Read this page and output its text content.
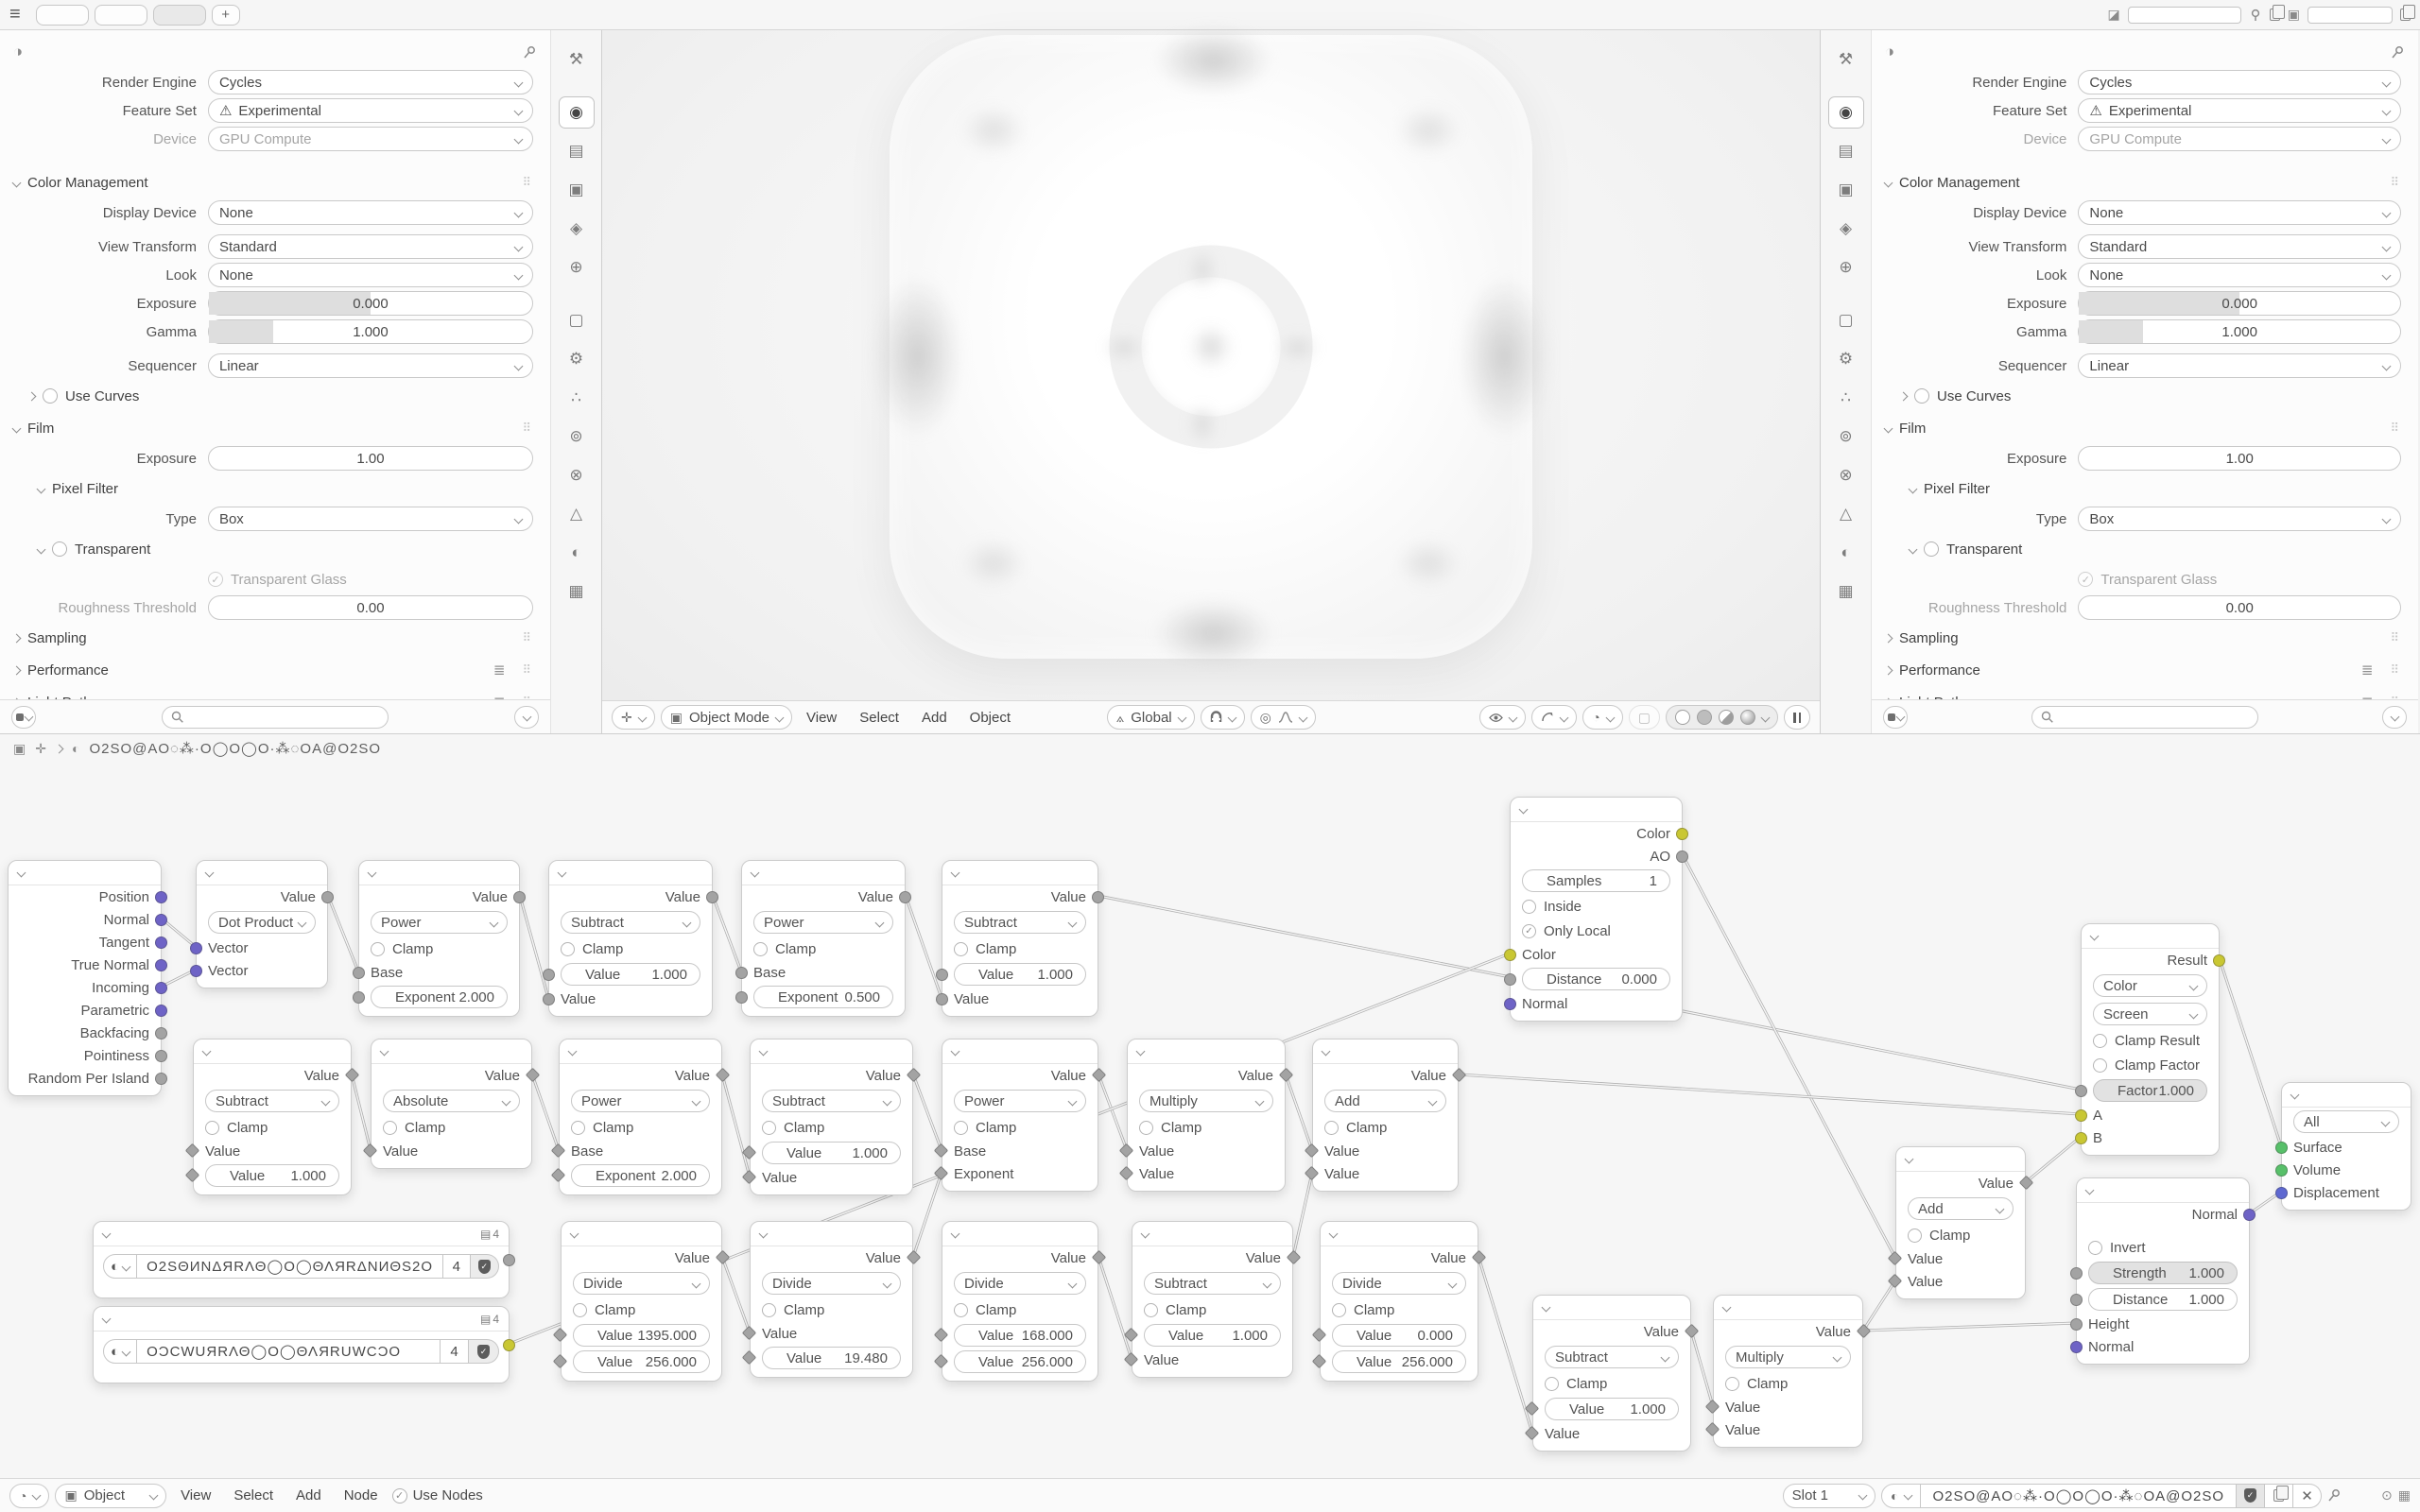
≡	+	◪	▣
◑
Render Engine	Cycles
Feature Set	⚠ Experimental
Device	GPU Compute
Color Management	⠿
Display Device	None
View Transform	Standard
Look	None
Exposure	0.000
Gamma	1.000
Sequencer	Linear
Use Curves
Film	⠿
Exposure	1.00
Pixel Filter
Type	Box
Transparent
✓ Transparent Glass
Roughness Threshold	0.00
Sampling	⠿
Performance	≣ ⠿
⚒
◉
▤
▣
◈
⊕
▢
⚙
∴
⊚
⊗
△
◐
▦
✛	▣ Object Mode	View	Select	Add	Object	⟑ Global	◎	◔	▢
⚒
◉
▤
▣
◈
⊕
▢
⚙
∴
⊚
⊗
△
◐
▦
◑
Render Engine	Cycles
Feature Set	⚠ Experimental
Device	GPU Compute
Color Management	⠿
Display Device	None
View Transform	Standard
Look	None
Exposure	0.000
Gamma	1.000
Sequencer	Linear
Use Curves
Film	⠿
Exposure	1.00
Pixel Filter
Type	Box
Transparent
✓ Transparent Glass
Roughness Threshold	0.00
Sampling	⠿
Performance	≣ ⠿
▣ ✛ ◐ O2SO@AO◌⁂·O◯O◯O·⁂◌OA@O2SO
Position
Normal
Tangent
True Normal
Incoming
Parametric
Backfacing
Pointiness
Random Per Island
Value
Dot Product
Vector
Vector
Value
Power
Clamp
Base
Exponent 2.000
Value
Subtract
Clamp
Value 1.000
Value
Value
Power
Clamp
Base
Exponent 0.500
Value
Subtract
Clamp
Value 1.000
Value
Value
Subtract
Clamp
Value
Value 1.000
Value
Absolute
Clamp
Value
Value
Power
Clamp
Base
Exponent 2.000
Value
Subtract
Clamp
Value 1.000
Value
Value
Power
Clamp
Base
Exponent
Value
Multiply
Clamp
Value
Value
Value
Add
Clamp
Value
Value
▤ 4
◐	O2SΘИNΔЯRΛΘ◯O◯ΘΛЯRΔNИΘS2O	4	✓
▤ 4
◐	OƆCWUЯRΛΘ◯O◯ΘΛЯRUWCƆO	4	✓
Value
Divide
Clamp
Value 1395.000
Value 256.000
Value
Divide
Clamp
Value
Value 19.480
Value
Divide
Clamp
Value 168.000
Value 256.000
Value
Subtract
Clamp
Value 1.000
Value
Value
Divide
Clamp
Value 0.000
Value 256.000
Value
Subtract
Clamp
Value 1.000
Value
Value
Multiply
Clamp
Value
Value
Color
AO
Samples	1
Inside
✓ Only Local
Color
Distance 0.000
Normal
Value
Add
Clamp
Value
Value
Result
Color
Screen
Clamp Result
Clamp Factor
Factor 1.000
A
B
All
Surface
Volume
Displacement
Normal
Invert
Strength 1.000
Distance 1.000
Height
Normal
◔	▣ Object	View	Select	Add	Node	✓ Use Nodes	Slot 1	◐	O2SO@AO◌⁂·O◯O◯O·⁂◌OA@O2SO	✓	✕	⊙ ▦
